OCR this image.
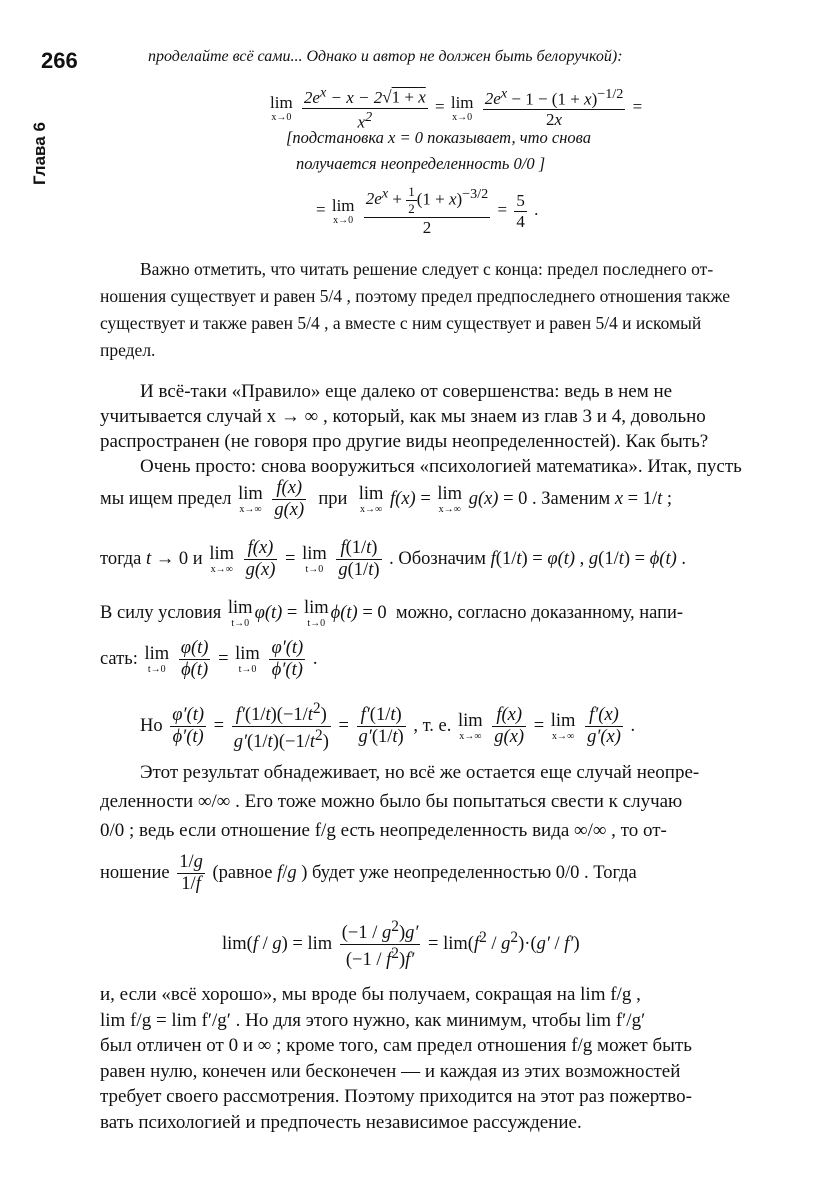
266
Глава 6
проделайте всё сами... Однако и автор не должен быть белоручкой):
lim
x→0
$\frac{2e^x - x - 2√1 + x}{x^2} = \lim$
x→0
$\frac{2e^x - 1 - (1 + x)^{-1/2}}{2x}$ =
[подстановка x = 0 показывает, что снова
получается неопределенность 0/0 ]
= lim
x→0
$\frac{2e^x + \frac{1}{2} (1 + x)^{-3/2}}{2} = \frac{5}{4}$ .
Важно отметить, что читать решение следует с конца: предел последнего от-
ношения существует и равен 5/4 , поэтому предел предпоследнего отношения также
существует и также равен 5/4 , а вместе с ним существует и равен 5/4 и искомый
предел.
И всё-таки «Правило» еще далеко от совершенства: ведь в нем не
учитывается случай x → ∞ , который, как мы знаем из глав 3 и 4, довольно
распространен (не говоря про другие виды неопределенностей). Как быть?
Очень просто: снова вооружиться «психологией математика». Итак, пусть
мы ищем предел lim
x→∞
$\frac{f(x)}{g(x)}$ при  lim
x→∞
f(x) = lim
x→∞
g(x) = 0 . Заменим x = 1/t ;
тогда t → 0 и lim
x→∞
$\frac{f(x)}{g(x)} = \lim$
t→0
$\frac{f(1/t)}{g(1/t)}$ . Обозначим f(1/t) = φ(t) , g(1/t) = ϕ(t) .
В силу условия lim
t→0
φ(t) = lim
t→0
ϕ(t) = 0  можно, согласно доказанному, напи-
сать: lim
t→0
$\frac{\varphi(t)}{\phi(t)} = \lim$
t→0
$\frac{\varphi'(t)}{\phi'(t)}$ .
Но $\frac{\varphi'(t)}{\phi'(t)} = \frac{f'(1/t)(-1/t^2)}{g'(1/t)(-1/t^2)} = \frac{f'(1/t)}{g'(1/t)}$ , т. е. lim
x→∞
$\frac{f(x)}{g(x)} = \lim$
x→∞
$\frac{f'(x)}{g'(x)}$ .
Этот результат обнадеживает, но всё же остается еще случай неопре-
деленности ∞/∞ . Его тоже можно было бы попытаться свести к случаю
0/0 ; ведь если отношение f/g есть неопределенность вида ∞/∞ , то от-
ношение $\frac{1/g}{1/f}$ (равное f/g ) будет уже неопределенностью 0/0 . Тогда
$\lim(f / g) = \lim \frac{(-1 / g^2)g'}{(-1 / f^2)f'} = \lim(f^2 / g^2)\cdot(g' / f')$
и, если «всё хорошо», мы вроде бы получаем, сокращая на lim f/g ,
lim f/g = lim f′/g′ . Но для этого нужно, как минимум, чтобы lim f′/g′
был отличен от 0 и ∞ ; кроме того, сам предел отношения f/g может быть
равен нулю, конечен или бесконечен — и каждая из этих возможностей
требует своего рассмотрения. Поэтому приходится на этот раз пожертво-
вать психологией и предпочесть независимое рассуждение.
